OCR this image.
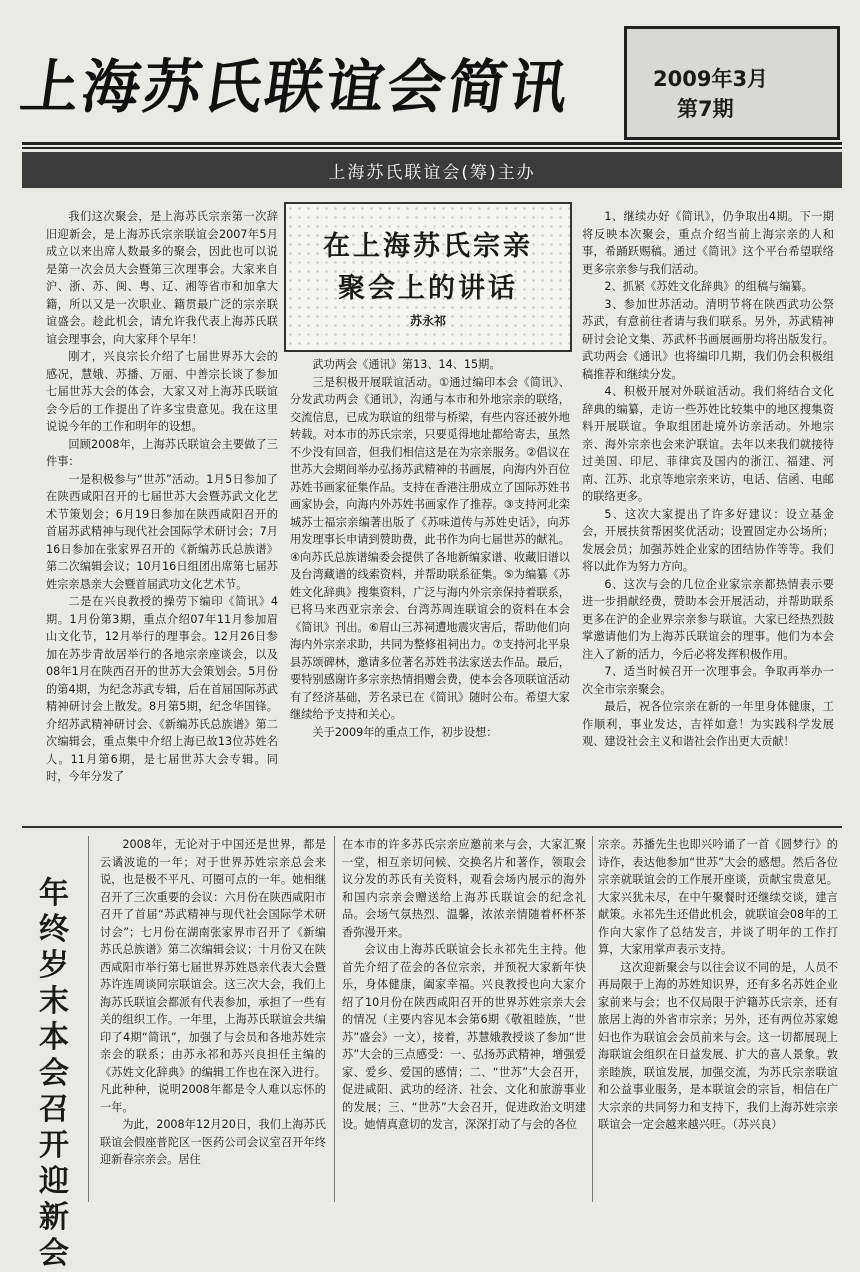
上海苏氏联谊会简讯	2009年3月
第7期
上海苏氏联谊会(筹)主办

我们这次聚会，是上海苏氏宗亲第一次辞旧迎新会，是上海苏氏宗亲联谊会2007年5月成立以来出席人数最多的聚会，因此也可以说是第一次会员大会暨第三次理事会。大家来自沪、浙、苏、闽、粤、辽、湘等省市和加拿大籍，所以又是一次职业、籍贯最广泛的宗亲联谊盛会。趁此机会，请允许我代表上海苏氏联谊会理事会，向大家拜个早年！

刚才，兴良宗长介绍了七届世界苏大会的感况，慧娥、苏播、万丽、中善宗长谈了参加七届世苏大会的体会，大家又对上海苏氏联谊会今后的工作提出了许多宝贵意见。我在这里说说今年的工作和明年的设想。

回顾2008年，上海苏氏联谊会主要做了三件事：

一是积极参与“世苏”活动。1月5日参加了在陕西咸阳召开的七届世苏大会暨苏武文化艺术节策划会；6月19日参加在陕西咸阳召开的首届苏武精神与现代社会国际学术研讨会；7月16日参加在张家界召开的《新编苏氏总族谱》第二次编辑会议；10月16日组团出席第七届苏姓宗亲恳亲大会暨首届武功文化艺术节。

二是在兴良教授的操劳下编印《简讯》4期。1月份第3期，重点介绍07年11月参加眉山文化节，12月举行的理事会。12月26日参加在苏步青故居举行的各地宗亲座谈会，以及08年1月在陕西召开的世苏大会策划会。5月份的第4期，为纪念苏武专辑，后在首届国际苏武精神研讨会上散发。8月第5期，纪念华国锋。介绍苏武精神研讨会、《新编苏氏总族谱》第二次编辑会，重点集中介绍上海已故13位苏姓名人。11月第6期，是七届世苏大会专辑。同时，今年分发了

在上海苏氏宗亲
聚会上的讲话
苏永祁

武功两会《通讯》第13、14、15期。

三是积极开展联谊活动。①通过编印本会《简讯》、分发武功两会《通讯》，沟通与本市和外地宗亲的联络，交流信息，已成为联谊的纽带与桥梁，有些内容还被外地转载。对本市的苏氏宗亲，只要觅得地址都给寄去，虽然不少没有回音，但我们相信这是在为宗亲服务。②倡议在世苏大会期间举办弘扬苏武精神的书画展，向海内外百位苏姓书画家征集作品。支持在香港注册成立了国际苏姓书画家协会，向海内外苏姓书画家作了推荐。③支持河北栾城苏士福宗亲编著出版了《苏味道传与苏姓史话》，向苏用发理事长申请到赞助费，此书作为向七届世苏的献礼。④向苏氏总族谱编委会提供了各地新编家谱、收藏旧谱以及台湾藏谱的线索资料，并帮助联系征集。⑤为编纂《苏姓文化辞典》搜集资料，广泛与海内外宗亲保持着联系，已将马来西亚宗亲会、台湾苏周连联谊会的资料在本会《简讯》刊出。⑥眉山三苏祠遭地震灾害后，帮助他们向海内外宗亲求助，共同为整修祖祠出力。⑦支持河北平泉县苏颂碑林，邀请多位著名苏姓书法家送去作品。最后，要特别感谢许多宗亲热情捐赠会费，使本会各项联谊活动有了经济基础，芳名录已在《简讯》随时公布。希望大家继续给予支持和关心。

关于2009年的重点工作，初步设想：

1、继续办好《简讯》，仍争取出4期。下一期将反映本次聚会，重点介绍当前上海宗亲的人和事，希踊跃赐稿。通过《简讯》这个平台希望联络更多宗亲参与我们活动。

2、抓紧《苏姓文化辞典》的组稿与编纂。

3、参加世苏活动。清明节将在陕西武功公祭苏武，有意前往者请与我们联系。另外，苏武精神研讨会论文集、苏武杯书画展画册均将出版发行。武功两会《通讯》也将编印几期，我们仍会积极组稿推荐和继续分发。

4、积极开展对外联谊活动。我们将结合文化辞典的编纂，走访一些苏姓比较集中的地区搜集资料开展联谊。争取组团赴境外访亲活动。外地宗亲、海外宗亲也会来沪联谊。去年以来我们就接待过美国、印尼、菲律宾及国内的浙江、福建、河南、江苏、北京等地宗亲来访，电话、信函、电邮的联络更多。

5、这次大家提出了许多好建议：设立基金会，开展扶贫帮困奖优活动；设置固定办公场所；发展会员；加强苏姓企业家的团结协作等等。我们将以此作为努力方向。

6、这次与会的几位企业家宗亲都热情表示要进一步捐献经费，赞助本会开展活动，并帮助联系更多在沪的企业界宗亲参与联谊。大家已经热烈鼓掌邀请他们为上海苏氏联谊会的理事。他们为本会注入了新的活力，今后必将发挥积极作用。

7、适当时候召开一次理事会。争取再举办一次全市宗亲聚会。

最后，祝各位宗亲在新的一年里身体健康，工作顺利，事业发达，吉祥如意！为实践科学发展观、建设社会主义和谐社会作出更大贡献！

年终岁末本会召开迎新会

2008年，无论对于中国还是世界，都是云谲波诡的一年；对于世界苏姓宗亲总会来说，也是极不平凡、可圈可点的一年。她相继召开了三次重要的会议：六月份在陕西咸阳市召开了首届“苏武精神与现代社会国际学术研讨会”；七月份在湖南张家界市召开了《新编苏氏总族谱》第二次编辑会议；十月份又在陕西咸阳市举行第七届世界苏姓恳亲代表大会暨苏许连周谈同宗联谊会。这三次大会，我们上海苏氏联谊会都派有代表参加，承担了一些有关的组织工作。一年里，上海苏氏联谊会共编印了4期“简讯”，加强了与会员和各地苏姓宗亲会的联系；由苏永祁和苏兴良担任主编的《苏姓文化辞典》的编辑工作也在深入进行。凡此种种，说明2008年都是令人难以忘怀的一年。

为此，2008年12月20日，我们上海苏氏联谊会假座普陀区一医药公司会议室召开年终迎新春宗亲会。居住

在本市的许多苏氏宗亲应邀前来与会，大家汇聚一堂，相互亲切问候、交换名片和著作，领取会议分发的苏氏有关资料，观看会场内展示的海外和国内宗亲会赠送给上海苏氏联谊会的纪念礼品。会场气氛热烈、温馨，浓浓亲情随着杯杯茶香弥漫开来。

会议由上海苏氏联谊会长永祁先生主持。他首先介绍了莅会的各位宗亲，并预祝大家新年快乐，身体健康，阖家幸福。兴良教授也向大家介绍了10月份在陕西咸阳召开的世界苏姓宗亲大会的情况（主要内容见本会第6期《敬祖睦族，“世苏”盛会》一文），接着，苏慧娥教授谈了参加“世苏”大会的三点感受：一、弘扬苏武精神，增强爱家、爱乡、爱国的感情；二、“世苏”大会召开，促进咸阳、武功的经济、社会、文化和旅游事业的发展；三、“世苏”大会召开，促进政治文明建设。她情真意切的发言，深深打动了与会的各位

宗亲。苏播先生也即兴吟诵了一首《圆梦行》的诗作，表达他参加“世苏”大会的感想。然后各位宗亲就联谊会的工作展开座谈，贡献宝贵意见。大家兴犹未尽，在中午聚餐时还继续交谈，建言献策。永祁先生还借此机会，就联谊会08年的工作向大家作了总结发言，并谈了明年的工作打算，大家用掌声表示支持。

这次迎新聚会与以往会议不同的是，人员不再局限于上海的苏姓知识界，还有多名苏姓企业家前来与会；也不仅局限于沪籍苏氏宗亲，还有旅居上海的外省市宗亲；另外，还有两位苏家媳妇也作为联谊会会员前来与会。这一切都展现上海联谊会组织在日益发展、扩大的喜人景象。敦亲睦族，联谊发展，加强交流，为苏氏宗亲联谊和公益事业服务，是本联谊会的宗旨，相信在广大宗亲的共同努力和支持下，我们上海苏姓宗亲联谊会一定会越来越兴旺。（苏兴良）
